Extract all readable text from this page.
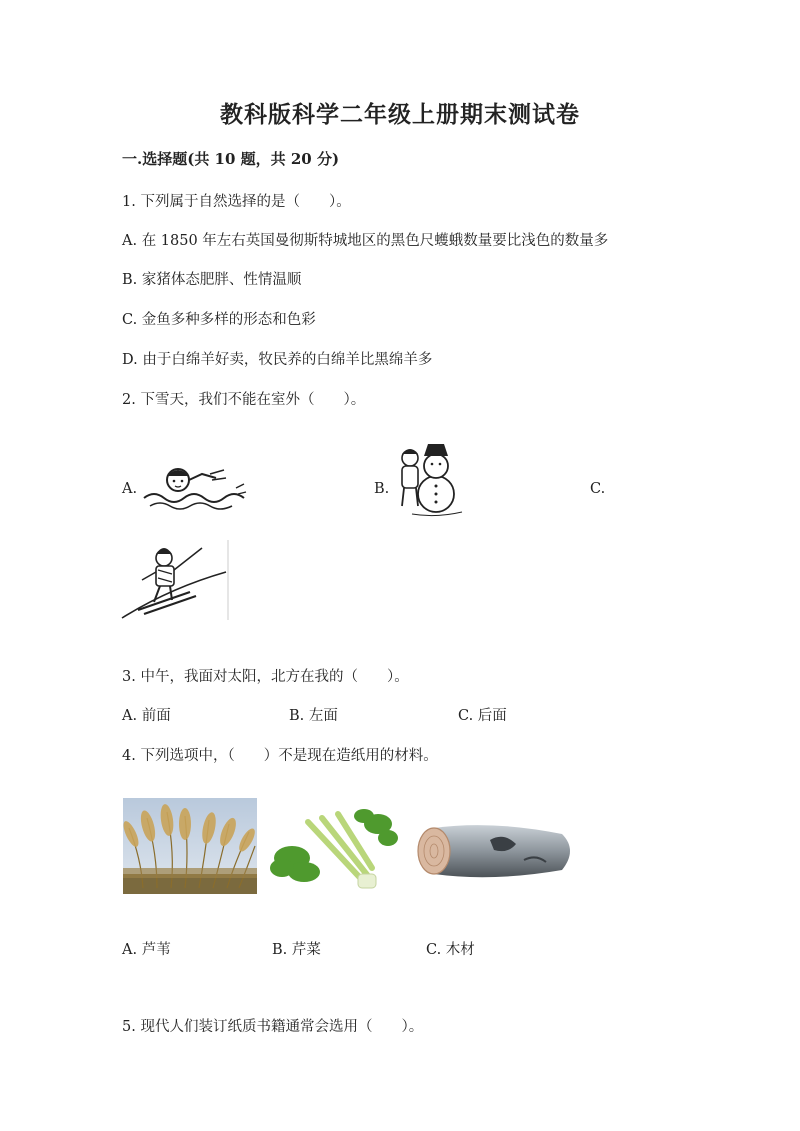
教科版科学二年级上册期末测试卷
一.选择题(共 10 题，共 20 分)
1. 下列属于自然选择的是（　　）。
A. 在 1850 年左右英国曼彻斯特城地区的黑色尺蠖蛾数量要比浅色的数量多
B. 家猪体态肥胖、性情温顺
C. 金鱼多种多样的形态和色彩
D. 由于白绵羊好卖，牧民养的白绵羊比黑绵羊多
2. 下雪天，我们不能在室外（　　）。
A.	B.	C.
3. 中午，我面对太阳，北方在我的（　　）。
A. 前面	B. 左面	C. 后面
4. 下列选项中，（　　）不是现在造纸用的材料。
A. 芦苇	B. 芹菜	C. 木材
5. 现代人们装订纸质书籍通常会选用（　　）。
